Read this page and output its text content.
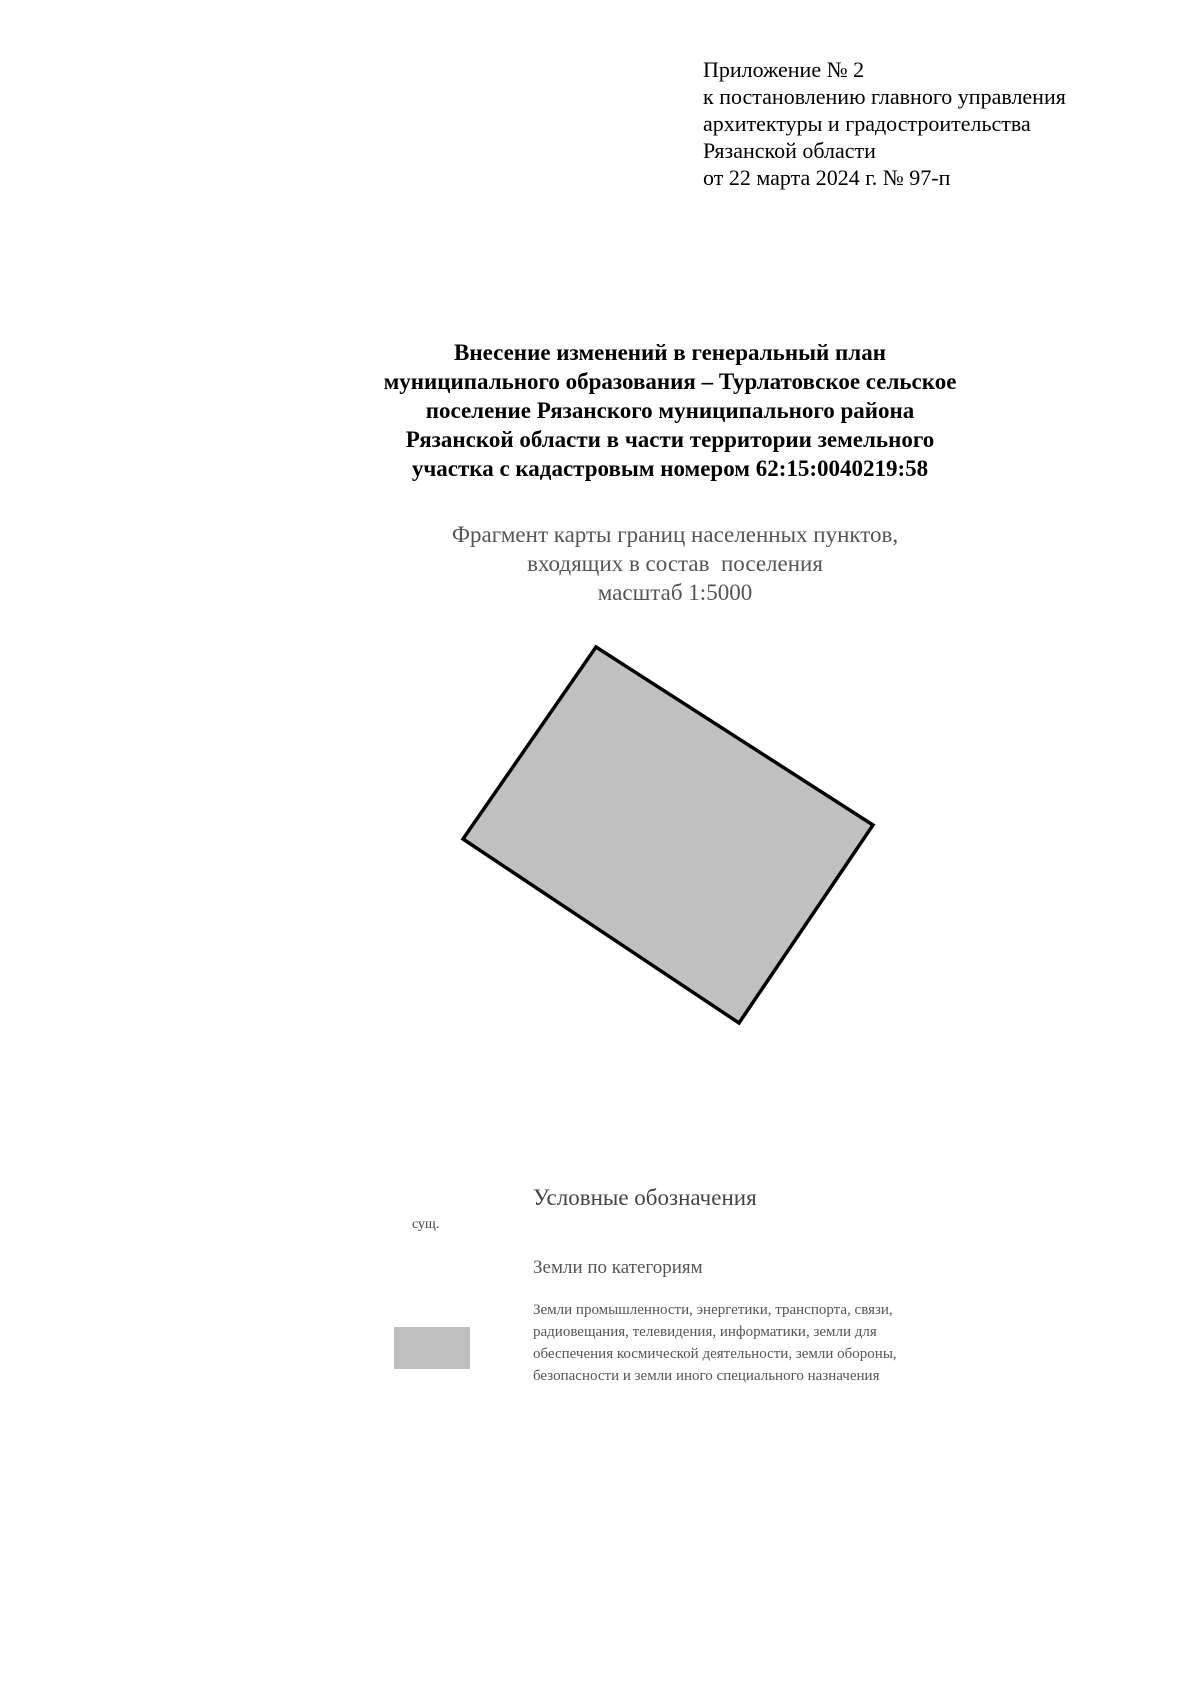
Приложение № 2
к постановлению главного управления
архитектуры и градостроительства
Рязанской области
от 22 марта 2024 г. № 97-п
Внесение изменений в генеральный план
муниципального образования – Турлатовское сельское
поселение Рязанского муниципального района
Рязанской области в части территории земельного
участка с кадастровым номером 62:15:0040219:58
Фрагмент карты границ населенных пунктов,
входящих в состав  поселения
масштаб 1:5000
Условные обозначения
сущ.
Земли по категориям
Земли промышленности, энергетики, транспорта, связи,
радиовещания, телевидения, информатики, земли для
обеспечения космической деятельности, земли обороны,
безопасности и земли иного специального назначения
